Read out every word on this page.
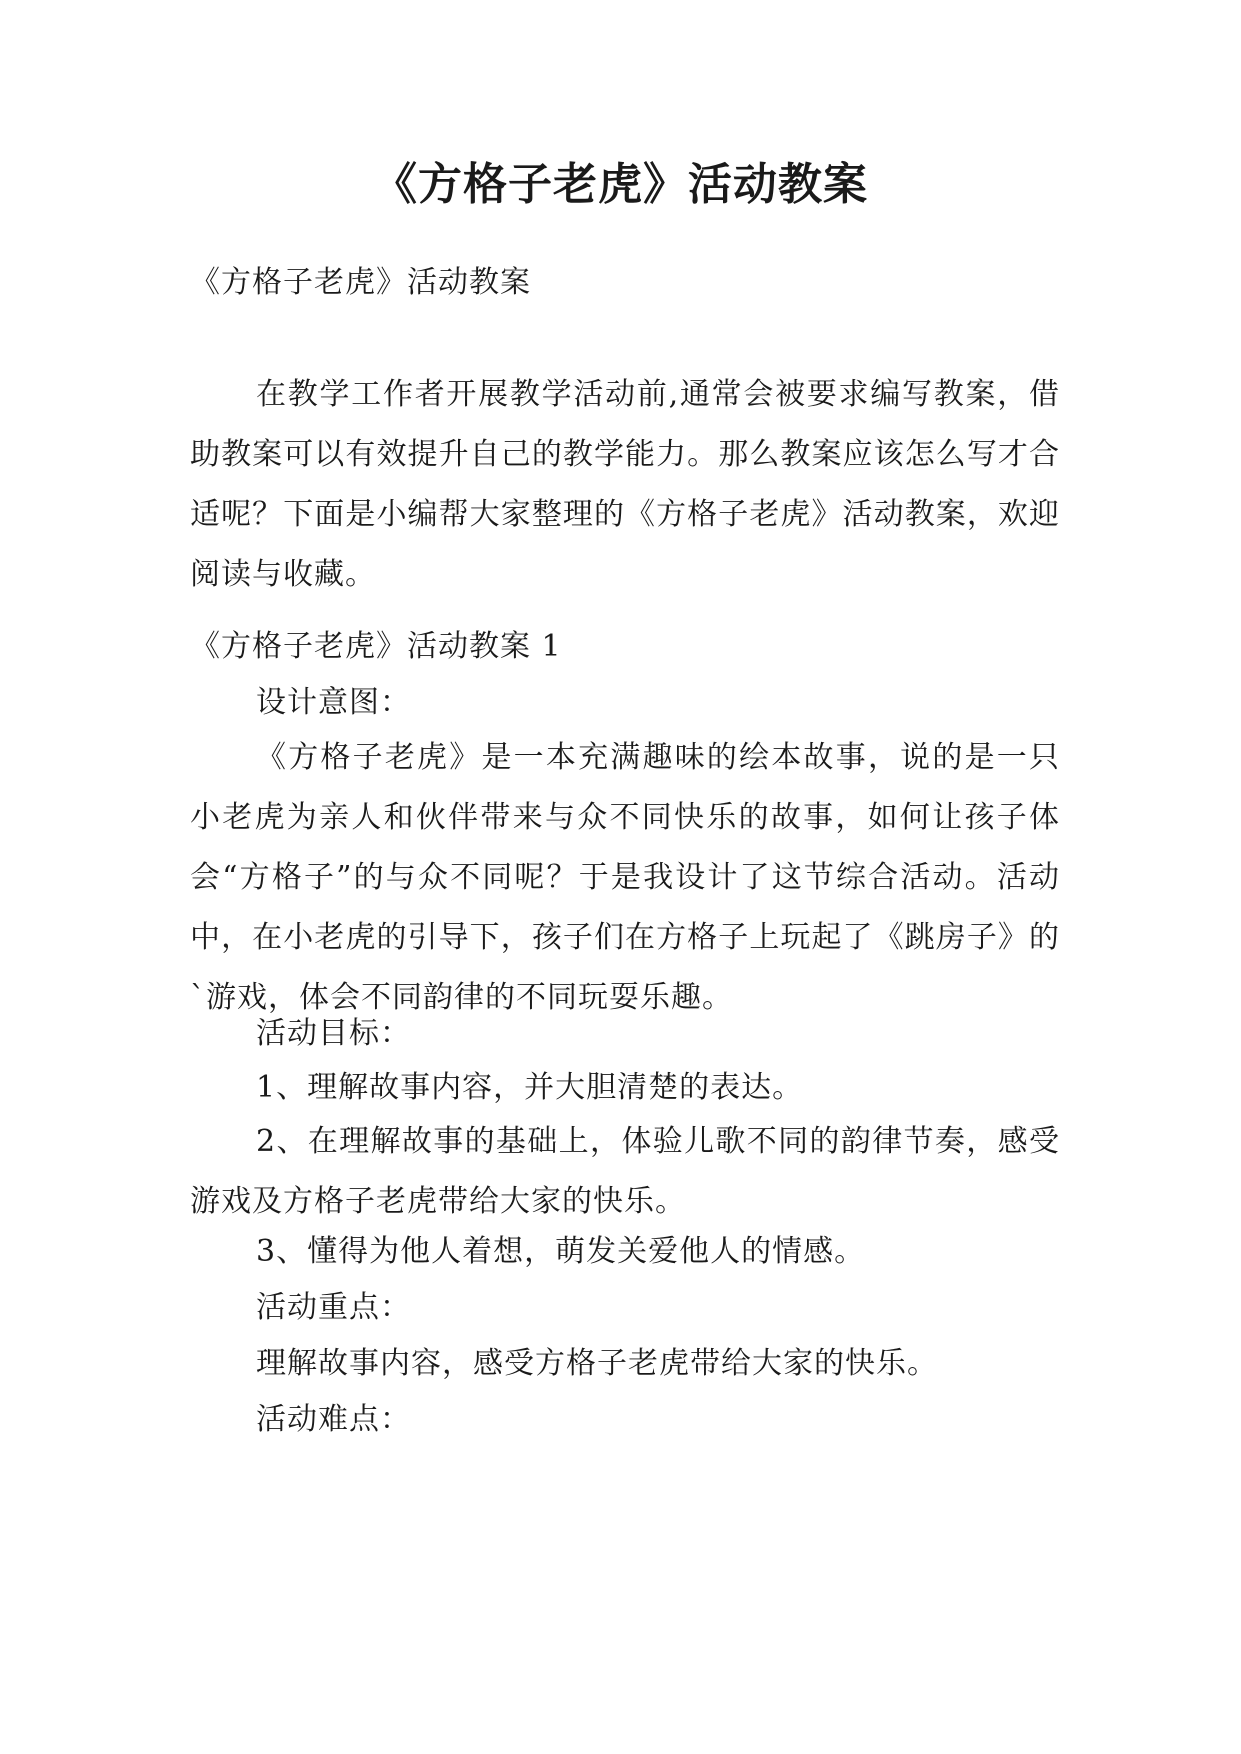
《方格子老虎》活动教案

《方格子老虎》活动教案

在教学工作者开展教学活动前,通常会被要求编写教案，借助教案可以有效提升自己的教学能力。那么教案应该怎么写才合适呢？下面是小编帮大家整理的《方格子老虎》活动教案，欢迎阅读与收藏。

《方格子老虎》活动教案 1

设计意图：

《方格子老虎》是一本充满趣味的绘本故事，说的是一只小老虎为亲人和伙伴带来与众不同快乐的故事，如何让孩子体会“方格子”的与众不同呢？于是我设计了这节综合活动。活动中，在小老虎的引导下，孩子们在方格子上玩起了《跳房子》的`游戏，体会不同韵律的不同玩耍乐趣。

活动目标：

1、理解故事内容，并大胆清楚的表达。

2、在理解故事的基础上，体验儿歌不同的韵律节奏，感受游戏及方格子老虎带给大家的快乐。

3、懂得为他人着想，萌发关爱他人的情感。

活动重点：

理解故事内容，感受方格子老虎带给大家的快乐。

活动难点：
